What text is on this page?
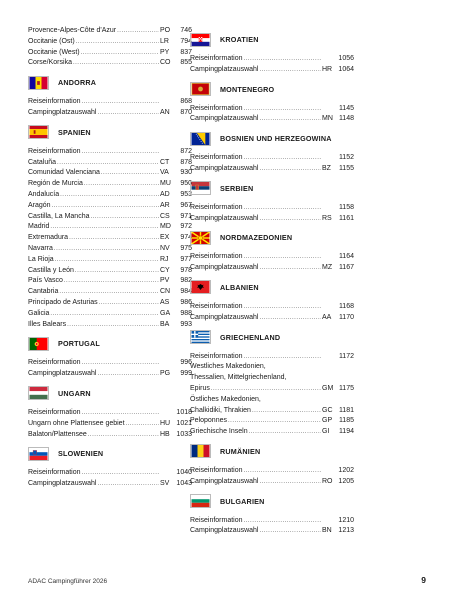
Provence-Alpes-Côte d'Azur .....	PO	746
Occitanie (Ost) .....	LR	794
Occitanie (West) .....	PY	837
Corse/Korsika .....	CO	855
ANDORRA
Reiseinformation .....	868
Campingplatzauswahl .....	AN	870
SPANIEN
Reiseinformation .....	872
Cataluña .....	CT	878
Comunidad Valenciana .....	VA	930
Región de Murcia .....	MU	950
Andalucía .....	AD	953
Aragón .....	AR	967
Castilla, La Mancha .....	CS	971
Madrid .....	MD	972
Extremadura .....	EX	974
Navarra .....	NV	975
La Rioja .....	RJ	977
Castilla y León .....	CY	978
País Vasco .....	PV	982
Cantabria .....	CN	984
Principado de Asturias .....	AS	986
Galicia .....	GA	988
Illes Balears .....	BA	993
PORTUGAL
Reiseinformation .....	996
Campingplatzauswahl .....	PG	999
UNGARN
Reiseinformation .....	1018
Ungarn ohne Plattensee gebiet .....	HU 1021
Balaton/Plattensee .....	HB 1033
SLOWENIEN
Reiseinformation .....	1040
Campingplatzauswahl .....	SV	1043
KROATIEN
Reiseinformation .....	1056
Campingplatzauswahl .....	HR 1064
MONTENEGRO
Reiseinformation .....	1145
Campingplatzauswahl .....	MN 1148
BOSNIEN UND HERZEGOWINA
Reiseinformation .....	1152
Campingplatzauswahl .....	BZ	1155
SERBIEN
Reiseinformation .....	1158
Campingplatzauswahl .....	RS	1161
NORDMAZEDONIEN
Reiseinformation .....	1164
Campingplatzauswahl .....	MZ 1167
ALBANIEN
Reiseinformation .....	1168
Campingplatzauswahl .....	AA	1170
GRIECHENLAND
Reiseinformation .....	1172
Westliches Makedonien,
Thessalien, Mittelgriechenland,
Epirus .....	GM 1175
Östliches Makedonien,
Chalkidiki, Thrakien .....	GC 1181
Peloponnes .....	GP 1185
Griechische Inseln .....	GI	1194
RUMÄNIEN
Reiseinformation .....	1202
Campingplatzauswahl .....	RO 1205
BULGARIEN
Reiseinformation .....	1210
Campingplatzauswahl .....	BN 1213
ADAC Campingführer 2026	9
